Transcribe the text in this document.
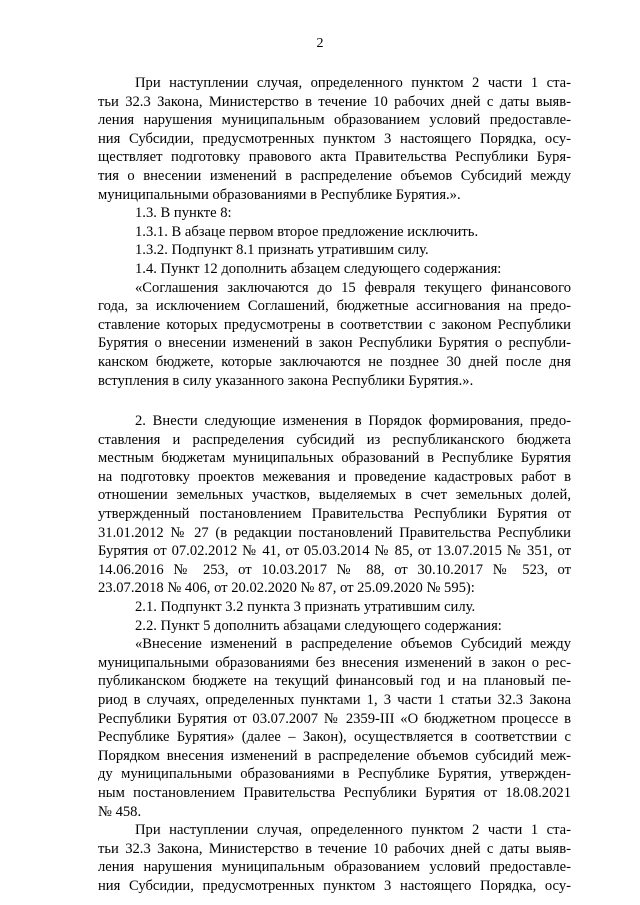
2
При наступлении случая, определенного пунктом 2 части 1 ста-
тьи 32.3 Закона, Министерство в течение 10 рабочих дней с даты выяв-
ления нарушения муниципальным образованием условий предоставле-
ния Субсидии, предусмотренных пунктом 3 настоящего Порядка, осу-
ществляет подготовку правового акта Правительства Республики Буря-
тия о внесении изменений в распределение объемов Субсидий между
муниципальными образованиями в Республике Бурятия.».
1.3. В пункте 8:
1.3.1. В абзаце первом второе предложение исключить.
1.3.2. Подпункт 8.1 признать утратившим силу.
1.4. Пункт 12 дополнить абзацем следующего содержания:
«Соглашения заключаются до 15 февраля текущего финансового
года, за исключением Соглашений, бюджетные ассигнования на предо-
ставление которых предусмотрены в соответствии с законом Республики
Бурятия о внесении изменений в закон Республики Бурятия о республи-
канском бюджете, которые заключаются не позднее 30 дней после дня
вступления в силу указанного закона Республики Бурятия.».
2. Внести следующие изменения в Порядок формирования, предо-
ставления и распределения субсидий из республиканского бюджета
местным бюджетам муниципальных образований в Республике Бурятия
на подготовку проектов межевания и проведение кадастровых работ в
отношении земельных участков, выделяемых в счет земельных долей,
утвержденный постановлением Правительства Республики Бурятия от
31.01.2012 № 27 (в редакции постановлений Правительства Республики
Бурятия от 07.02.2012 № 41, от 05.03.2014 № 85, от 13.07.2015 № 351, от
14.06.2016 № 253, от 10.03.2017 № 88, от 30.10.2017 № 523, от
23.07.2018 № 406, от 20.02.2020 № 87, от 25.09.2020 № 595):
2.1. Подпункт 3.2 пункта 3 признать утратившим силу.
2.2. Пункт 5 дополнить абзацами следующего содержания:
«Внесение изменений в распределение объемов Субсидий между
муниципальными образованиями без внесения изменений в закон о рес-
публиканском бюджете на текущий финансовый год и на плановый пе-
риод в случаях, определенных пунктами 1, 3 части 1 статьи 32.3 Закона
Республики Бурятия от 03.07.2007 № 2359-III «О бюджетном процессе в
Республике Бурятия» (далее – Закон), осуществляется в соответствии с
Порядком внесения изменений в распределение объемов субсидий меж-
ду муниципальными образованиями в Республике Бурятия, утвержден-
ным постановлением Правительства Республики Бурятия от 18.08.2021
№ 458.
При наступлении случая, определенного пунктом 2 части 1 ста-
тьи 32.3 Закона, Министерство в течение 10 рабочих дней с даты выяв-
ления нарушения муниципальным образованием условий предоставле-
ния Субсидии, предусмотренных пунктом 3 настоящего Порядка, осу-
